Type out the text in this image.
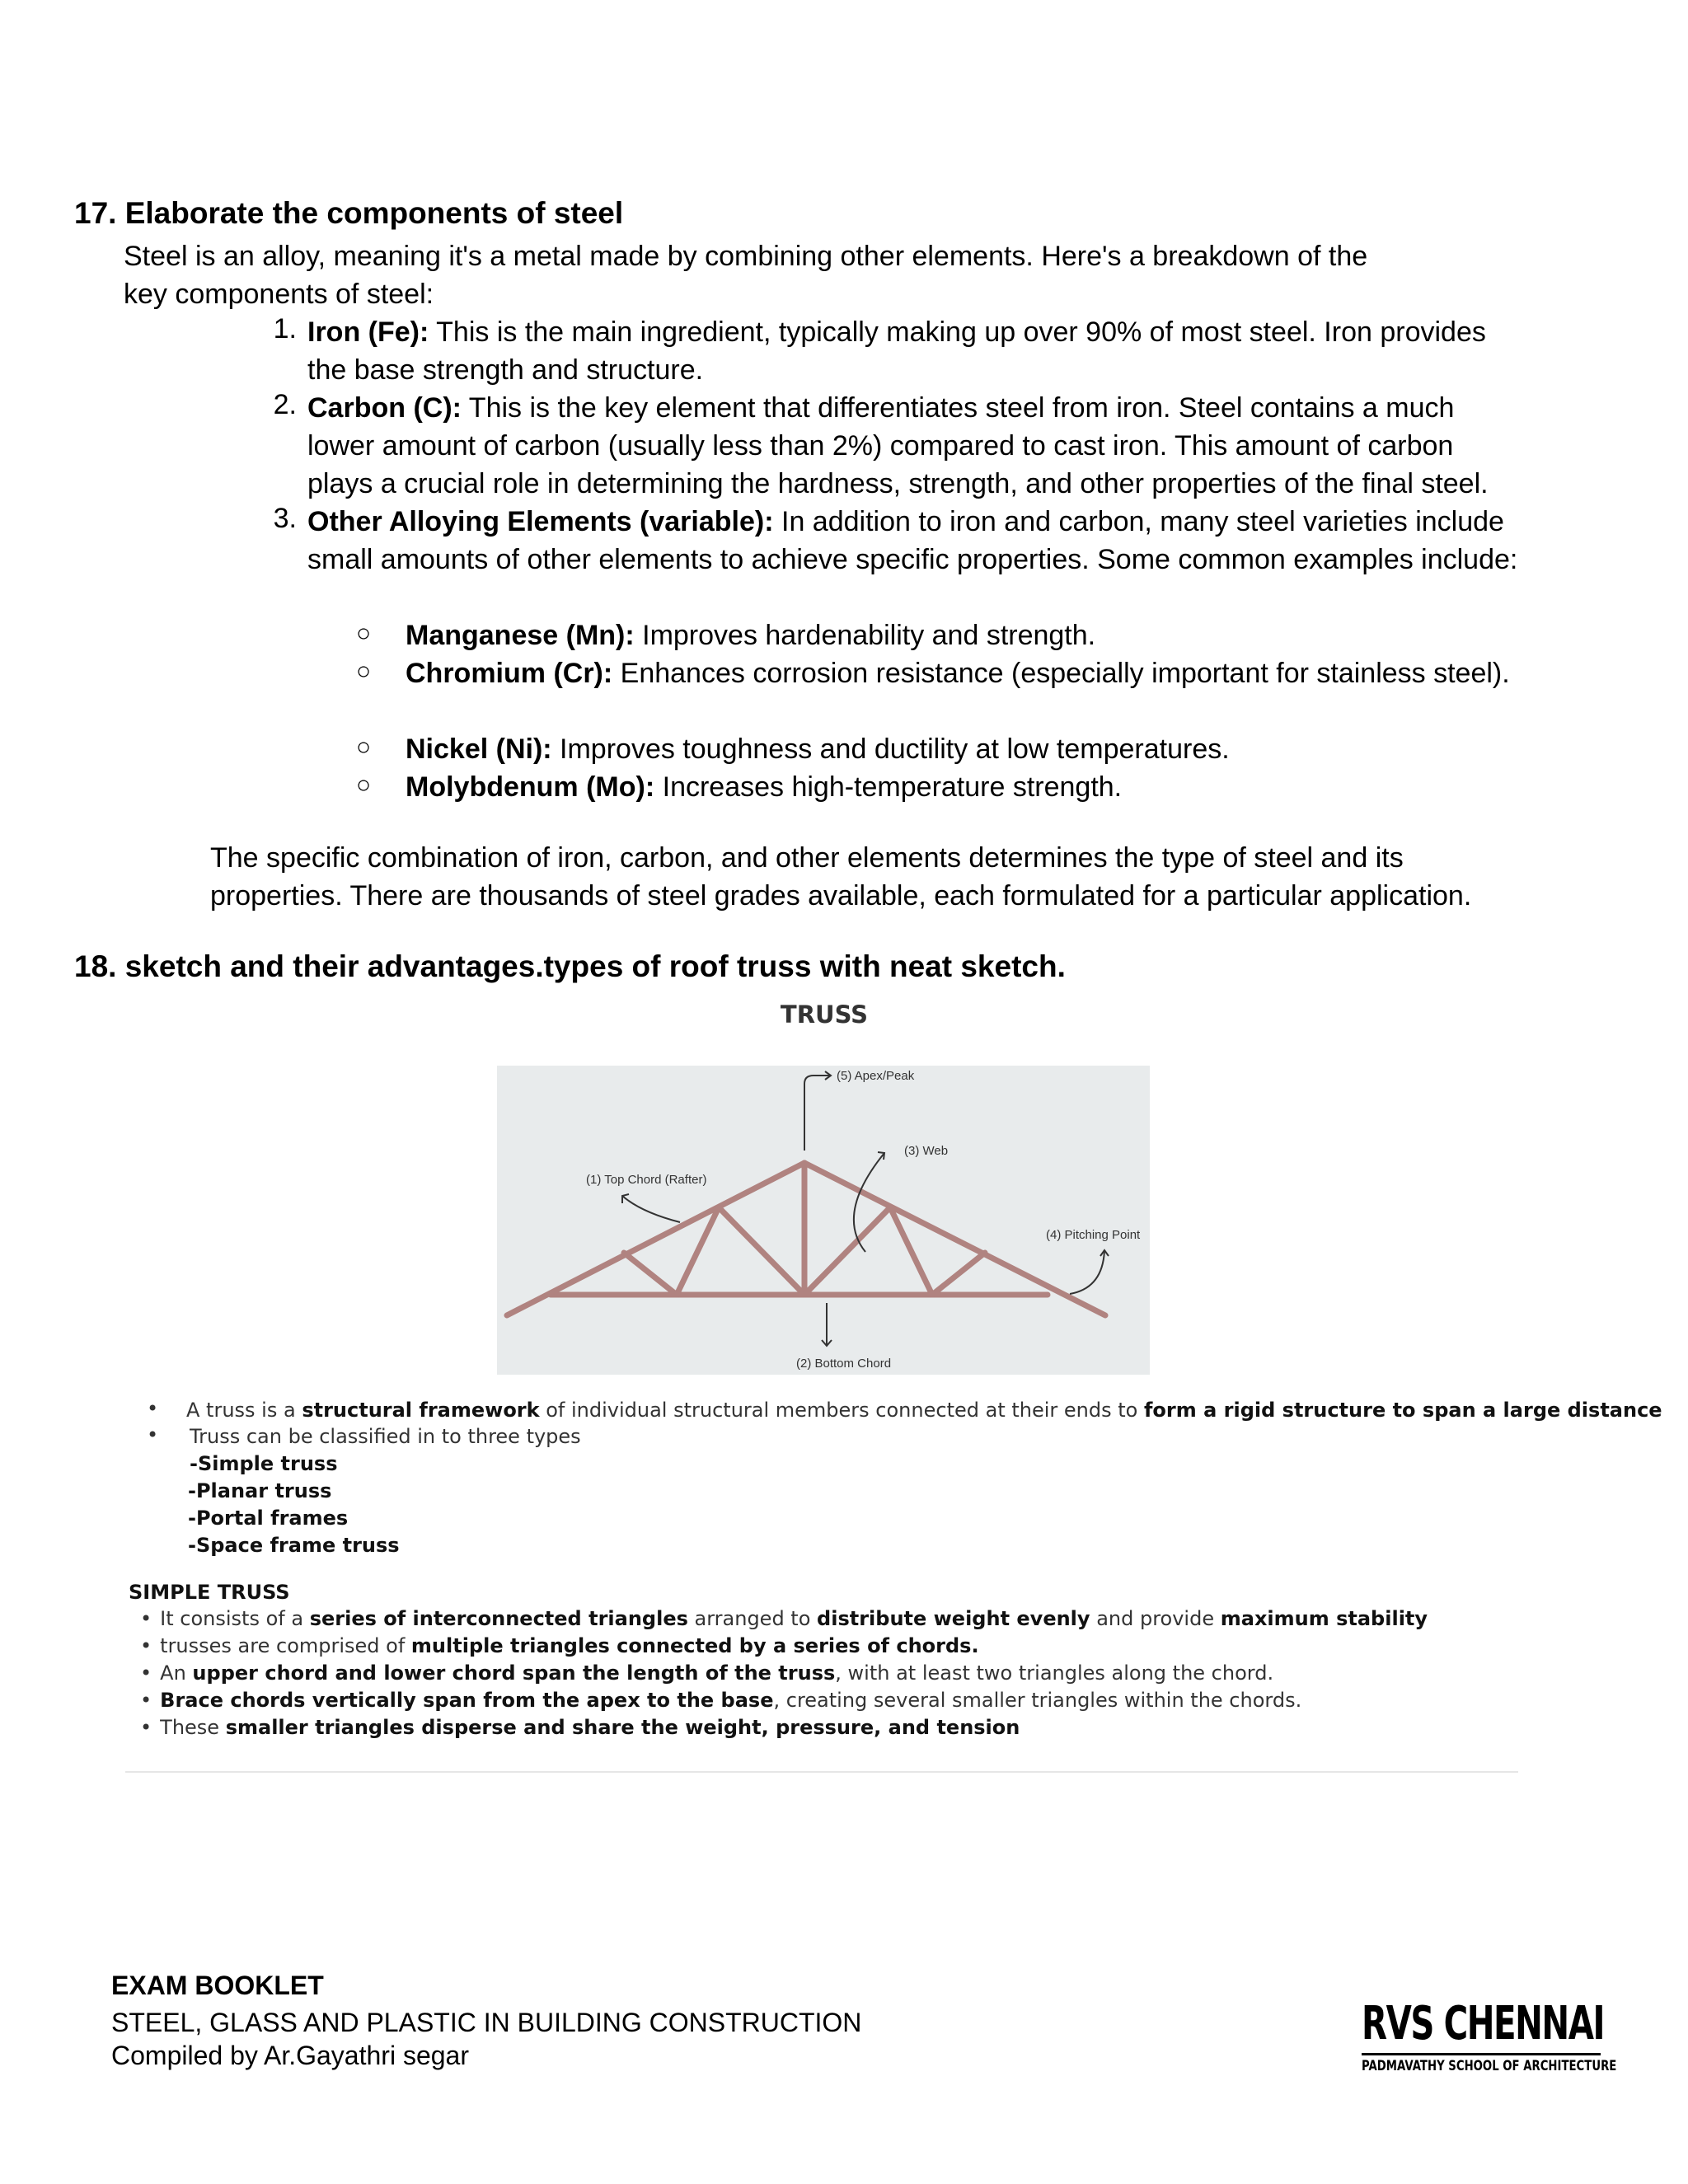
17. Elaborate the components of steel
Steel is an alloy, meaning it's a metal made by combining other elements. Here's a breakdown of the key components of steel:
1. Iron (Fe): This is the main ingredient, typically making up over 90% of most steel. Iron provides the base strength and structure.
2. Carbon (C): This is the key element that differentiates steel from iron. Steel contains a much lower amount of carbon (usually less than 2%) compared to cast iron. This amount of carbon plays a crucial role in determining the hardness, strength, and other properties of the final steel.
3. Other Alloying Elements (variable): In addition to iron and carbon, many steel varieties include small amounts of other elements to achieve specific properties. Some common examples include:
○ Manganese (Mn): Improves hardenability and strength.
○ Chromium (Cr): Enhances corrosion resistance (especially important for stainless steel).
○ Nickel (Ni): Improves toughness and ductility at low temperatures.
○ Molybdenum (Mo): Increases high-temperature strength.
The specific combination of iron, carbon, and other elements determines the type of steel and its properties. There are thousands of steel grades available, each formulated for a particular application.
18. sketch and their advantages.types of roof truss with neat sketch.
TRUSS
(5) Apex/Peak
(3) Web
(1) Top Chord (Rafter)
(4) Pitching Point
(2) Bottom Chord
• A truss is a structural framework of individual structural members connected at their ends to form a rigid structure to span a large distance
• Truss can be classified in to three types
-Simple truss
-Planar truss
-Portal frames
-Space frame truss
SIMPLE TRUSS
• It consists of a series of interconnected triangles arranged to distribute weight evenly and provide maximum stability
• trusses are comprised of multiple triangles connected by a series of chords.
• An upper chord and lower chord span the length of the truss, with at least two triangles along the chord.
• Brace chords vertically span from the apex to the base, creating several smaller triangles within the chords.
• These smaller triangles disperse and share the weight, pressure, and tension
EXAM BOOKLET
STEEL, GLASS AND PLASTIC IN BUILDING CONSTRUCTION
Compiled by Ar.Gayathri segar
RVS CHENNAI
PADMAVATHY SCHOOL OF ARCHITECTURE
